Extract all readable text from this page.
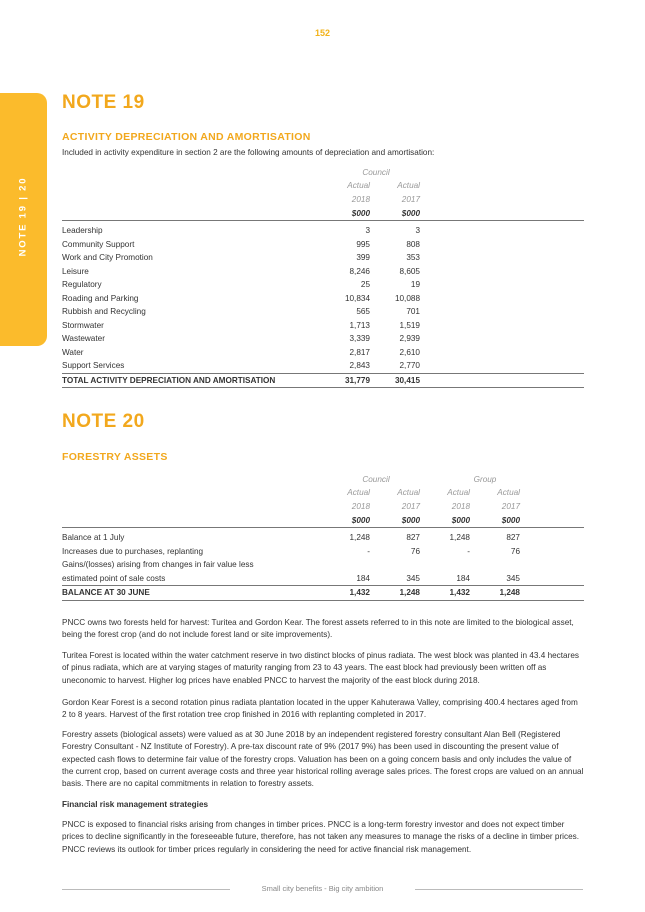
152
NOTE 19 | 20
NOTE 19
ACTIVITY DEPRECIATION AND AMORTISATION
Included in activity expenditure in section 2 are the following amounts of depreciation and amortisation:
	Council		
	Actual	Actual	
	2018	2017	
	$000	$000	
Leadership	3	3	
Community Support	995	808	
Work and City Promotion	399	353	
Leisure	8,246	8,605	
Regulatory	25	19	
Roading and Parking	10,834	10,088	
Rubbish and Recycling	565	701	
Stormwater	1,713	1,519	
Wastewater	3,339	2,939	
Water	2,817	2,610	
Support Services	2,843	2,770	
TOTAL ACTIVITY DEPRECIATION AND AMORTISATION	31,779	30,415	
NOTE 20
FORESTRY ASSETS
	Council		Group		
	Actual	Actual	Actual	Actual	
	2018	2017	2018	2017	
	$000	$000	$000	$000	
Balance at 1 July	1,248	827	1,248	827	
Increases due to purchases, replanting	-	76	-	76	
Gains/(losses) arising from changes in fair value less					
estimated point of sale costs	184	345	184	345	
BALANCE AT 30 JUNE	1,432	1,248	1,432	1,248	

PNCC owns two forests held for harvest: Turitea and Gordon Kear. The forest assets referred to in this note are limited to the biological asset, being the forest crop (and do not include forest land or site improvements).

Turitea Forest is located within the water catchment reserve in two distinct blocks of pinus radiata. The west block was planted in 43.4 hectares of pinus radiata, which are at varying stages of maturity ranging from 23 to 43 years. The east block had previously been written off as uneconomic to harvest. Higher log prices have enabled PNCC to harvest the majority of the east block during 2018.

Gordon Kear Forest is a second rotation pinus radiata plantation located in the upper Kahuterawa Valley, comprising 400.4 hectares aged from 2 to 8 years. Harvest of the first rotation tree crop finished in 2016 with replanting completed in 2017.

Forestry assets (biological assets) were valued as at 30 June 2018 by an independent registered forestry consultant Alan Bell (Registered Forestry Consultant - NZ Institute of Forestry). A pre-tax discount rate of 9% (2017 9%) has been used in discounting the present value of expected cash flows to determine fair value of the forestry crops. Valuation has been on a going concern basis and only includes the value of the current crop, based on current average costs and three year historical rolling average sales prices. The forest crops are valued on an annual basis. There are no capital commitments in relation to forestry assets.

Financial risk management strategies

PNCC is exposed to financial risks arising from changes in timber prices. PNCC is a long-term forestry investor and does not expect timber prices to decline significantly in the foreseeable future, therefore, has not taken any measures to manage the risks of a decline in timber prices. PNCC reviews its outlook for timber prices regularly in considering the need for active financial risk management.

Small city benefits - Big city ambition
